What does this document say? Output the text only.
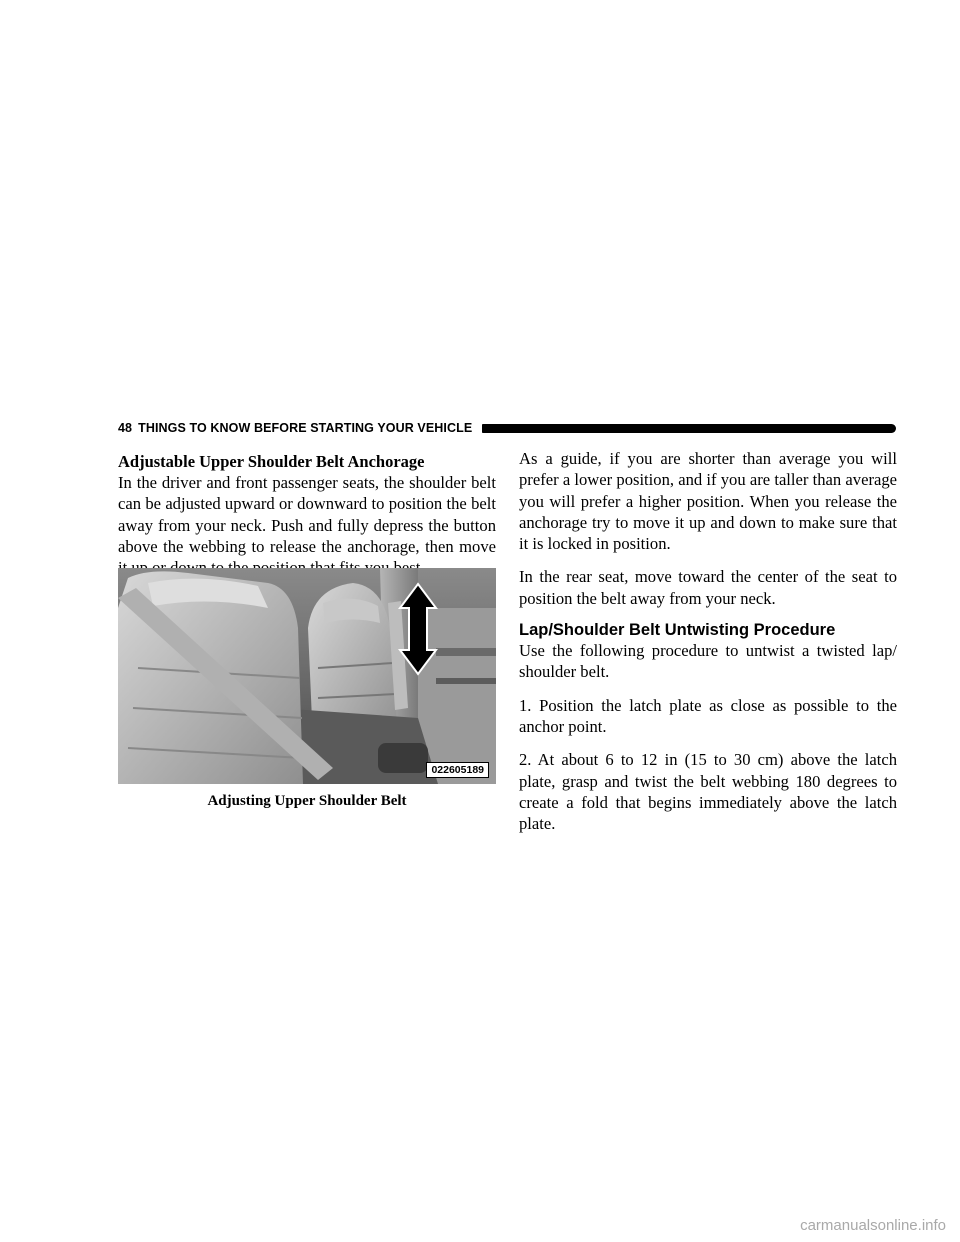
48 THINGS TO KNOW BEFORE STARTING YOUR VEHICLE
Adjustable Upper Shoulder Belt Anchorage

In the driver and front passenger seats, the shoulder belt can be adjusted upward or downward to position the belt away from your neck. Push and fully depress the button above the webbing to release the anchorage, then move

022605189
Adjusting Upper Shoulder Belt

As a guide, if you are shorter than average you will prefer a lower position, and if you are taller than average you will prefer a higher position. When you release the anchorage try to move it up and down to make sure that it is locked in position.

In the rear seat, move toward the center of the seat to position the belt away from your neck.

Lap/Shoulder Belt Untwisting Procedure

Use the following procedure to untwist a twisted lap/ shoulder belt.

1. Position the latch plate as close as possible to the anchor point.

2. At about 6 to 12 in (15 to 30 cm) above the latch plate, grasp and twist the belt webbing 180 degrees to create a fold that begins immediately above the latch plate.

carmanualsonline.info
